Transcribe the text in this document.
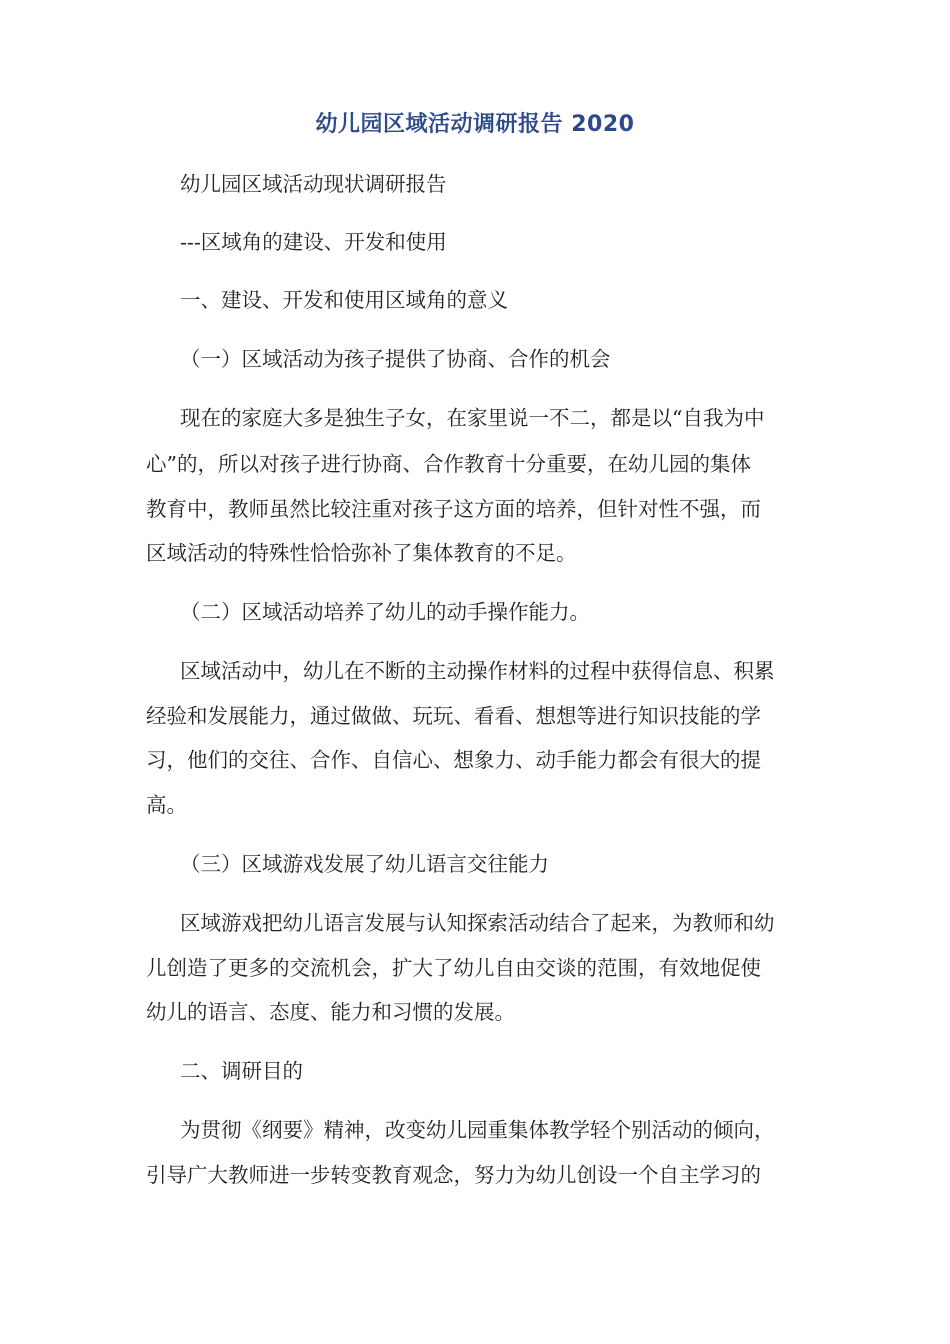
幼儿园区域活动调研报告 2020
幼儿园区域活动现状调研报告
---区域角的建设、开发和使用
一、建设、开发和使用区域角的意义
（一）区域活动为孩子提供了协商、合作的机会
现在的家庭大多是独生子女，在家里说一不二，都是以“自我为中
心”的，所以对孩子进行协商、合作教育十分重要，在幼儿园的集体
教育中，教师虽然比较注重对孩子这方面的培养，但针对性不强，而
区域活动的特殊性恰恰弥补了集体教育的不足。
（二）区域活动培养了幼儿的动手操作能力。
区域活动中，幼儿在不断的主动操作材料的过程中获得信息、积累
经验和发展能力，通过做做、玩玩、看看、想想等进行知识技能的学
习，他们的交往、合作、自信心、想象力、动手能力都会有很大的提
高。
（三）区域游戏发展了幼儿语言交往能力
区域游戏把幼儿语言发展与认知探索活动结合了起来，为教师和幼
儿创造了更多的交流机会，扩大了幼儿自由交谈的范围，有效地促使
幼儿的语言、态度、能力和习惯的发展。
二、调研目的
为贯彻《纲要》精神，改变幼儿园重集体教学轻个别活动的倾向，
引导广大教师进一步转变教育观念，努力为幼儿创设一个自主学习的
